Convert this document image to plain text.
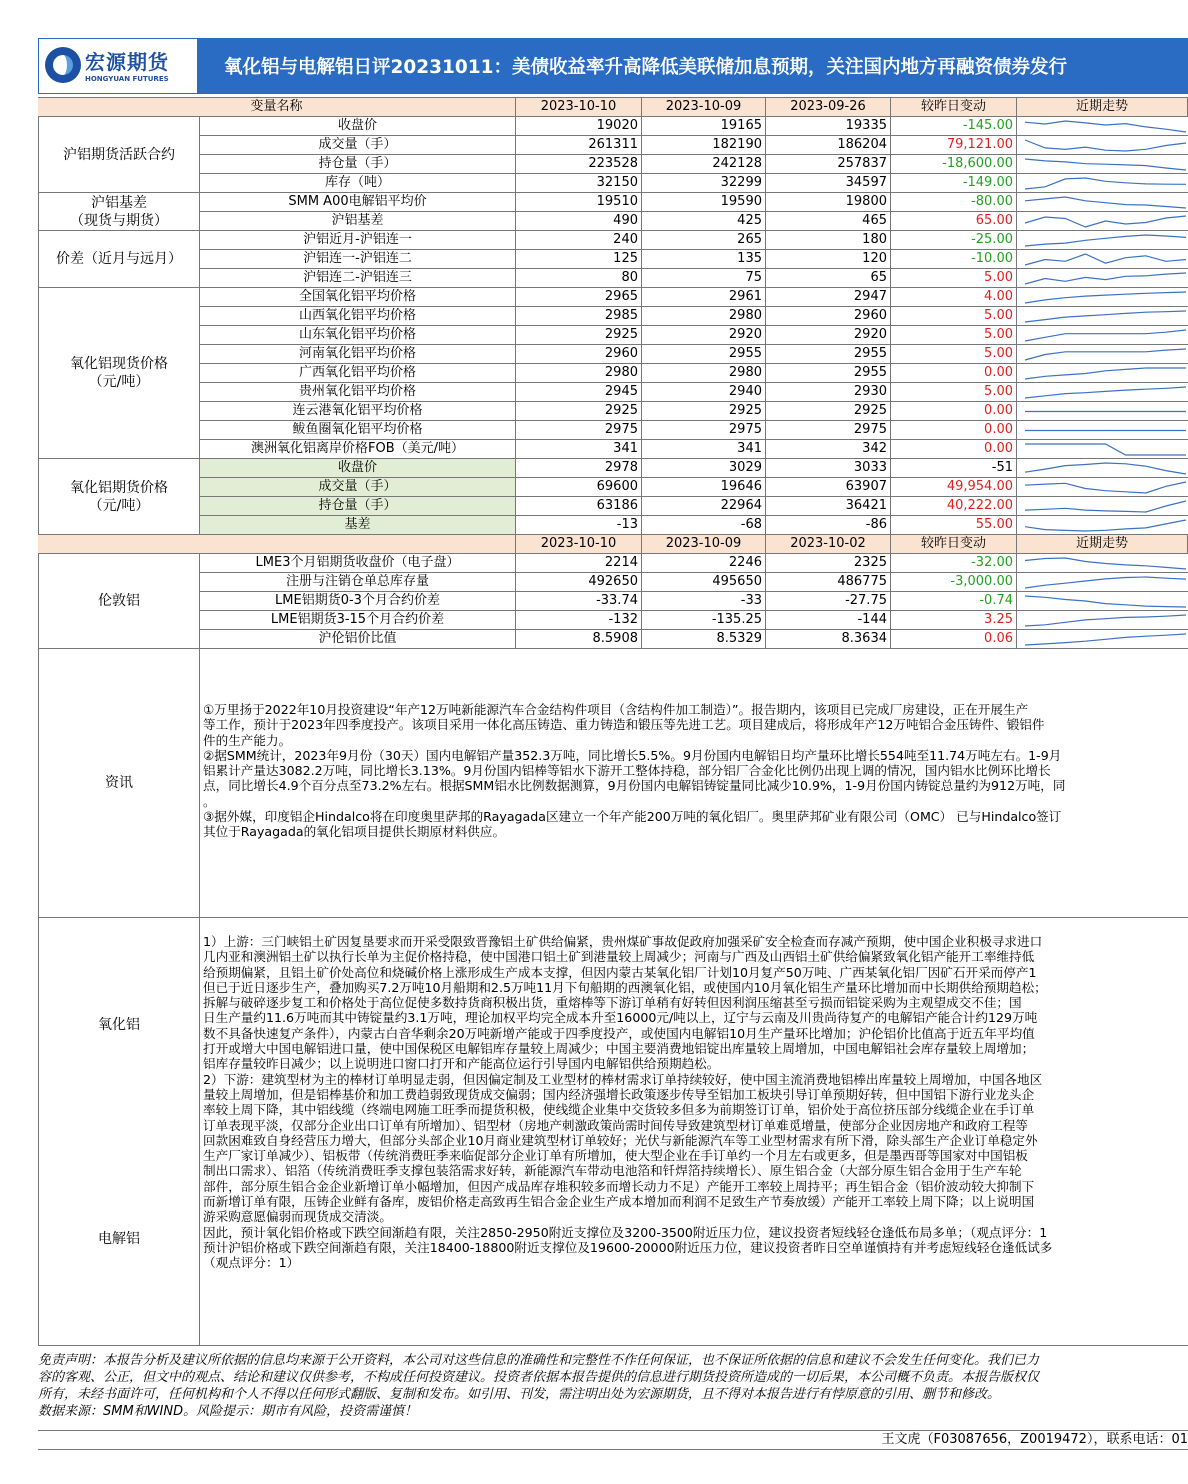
宏源期货
HONGYUAN FUTURES
氧化铝与电解铝日评20231011：美债收益率升高降低美联储加息预期，关注国内地方再融资债券发行
变量名称	2023-10-10	2023-10-09	2023-09-26	较昨日变动	近期走势
沪铝期货活跃合约
收盘价	19020	19165	19335	-145.00
成交量（手）	261311	182190	186204	79,121.00
持仓量（手）	223528	242128	257837	-18,600.00
库存（吨）	32150	32299	34597	-149.00
沪铝基差
（现货与期货）
SMM A00电解铝平均价	19510	19590	19800	-80.00
沪铝基差	490	425	465	65.00
价差（近月与远月）
沪铝近月-沪铝连一	240	265	180	-25.00
沪铝连一-沪铝连二	125	135	120	-10.00
沪铝连二-沪铝连三	80	75	65	5.00
氧化铝现货价格
（元/吨）
全国氧化铝平均价格	2965	2961	2947	4.00
山西氧化铝平均价格	2985	2980	2960	5.00
山东氧化铝平均价格	2925	2920	2920	5.00
河南氧化铝平均价格	2960	2955	2955	5.00
广西氧化铝平均价格	2980	2980	2955	0.00
贵州氧化铝平均价格	2945	2940	2930	5.00
连云港氧化铝平均价格	2925	2925	2925	0.00
鲅鱼圈氧化铝平均价格	2975	2975	2975	0.00
澳洲氧化铝离岸价格FOB（美元/吨）	341	341	342	0.00
氧化铝期货价格
（元/吨）
收盘价	2978	3029	3033	-51
成交量（手）	69600	19646	63907	49,954.00
持仓量（手）	63186	22964	36421	40,222.00
基差	-13	-68	-86	55.00
2023-10-10	2023-10-09	2023-10-02	较昨日变动	近期走势
伦敦铝
LME3个月铝期货收盘价（电子盘）	2214	2246	2325	-32.00
注册与注销仓单总库存量	492650	495650	486775	-3,000.00
LME铝期货0-3个月合约价差	-33.74	-33	-27.75	-0.74
LME铝期货3-15个月合约价差	-132	-135.25	-144	3.25
沪伦铝价比值	8.5908	8.5329	8.3634	0.06

①万里扬于2022年10月投资建设“年产12万吨新能源汽车合金结构件项目（含结构件加工制造）”。报告期内，该项目已完成厂房建设，正在开展生产

等工作，预计于2023年四季度投产。该项目采用一体化高压铸造、重力铸造和锻压等先进工艺。项目建成后，将形成年产12万吨铝合金压铸件、锻铝件

件的生产能力。

②据SMM统计，2023年9月份（30天）国内电解铝产量352.3万吨，同比增长5.5%。9月份国内电解铝日均产量环比增长554吨至11.74万吨左右。1-9月

铝累计产量达3082.2万吨，同比增长3.13%。9月份国内铝棒等铝水下游开工整体持稳，部分铝厂合金化比例仍出现上调的情况，国内铝水比例环比增长

点，同比增长4.9个百分点至73.2%左右。根据SMM铝水比例数据测算，9月份国内电解铝铸锭量同比减少10.9%，1-9月份国内铸锭总量约为912万吨，同

。

③据外媒，印度铝企Hindalco将在印度奥里萨邦的Rayagada区建立一个年产能200万吨的氧化铝厂。奥里萨邦矿业有限公司（OMC） 已与Hindalco签订

其位于Rayagada的氧化铝项目提供长期原材料供应。

资讯

1）上游：三门峡铝土矿因复垦要求而开采受限致晋豫铝土矿供给偏紧，贵州煤矿事故促政府加强采矿安全检查而存减产预期，使中国企业积极寻求进口

几内亚和澳洲铝土矿以执行长单为主促价格持稳，使中国港口铝土矿到港量较上周减少；河南与广西及山西铝土矿供给偏紧致氧化铝产能开工率维持低

给预期偏紧，且铝土矿价处高位和烧碱价格上涨形成生产成本支撑，但因内蒙古某氧化铝厂计划10月复产50万吨、广西某氧化铝厂因矿石开采而停产1

但已于近日逐步生产，叠加购买7.2万吨10月船期和2.5万吨11月下旬船期的西澳氧化铝，或使国内10月氧化铝生产量环比增加而中长期供给预期趋松；

拆解与破碎逐步复工和价格处于高位促使多数持货商积极出货，重熔棒等下游订单稍有好转但因利润压缩甚至亏损而铝锭采购为主观望成交不佳；国

日生产量约11.6万吨而其中铸锭量约3.1万吨，理论加权平均完全成本升至16000元/吨以上，辽宁与云南及川贵尚待复产的电解铝产能合计约129万吨

数不具备快速复产条件），内蒙古白音华剩余20万吨新增产能或于四季度投产，或使国内电解铝10月生产量环比增加；沪伦铝价比值高于近五年平均值

打开或增大中国电解铝进口量，使中国保税区电解铝库存量较上周减少；中国主要消费地铝锭出库量较上周增加，中国电解铝社会库存量较上周增加；

铝库存量较昨日减少；以上说明进口窗口打开和产能高位运行引导国内电解铝供给预期趋松。

2）下游：建筑型材为主的棒材订单明显走弱，但因偏定制及工业型材的棒材需求订单持续较好，使中国主流消费地铝棒出库量较上周增加，中国各地区

量较上周增加，但是铝棒基价和加工费趋弱致现货成交偏弱；国内经济强增长政策逐步传导至铝加工板块引导订单预期好转，但中国铝下游行业龙头企

率较上周下降，其中铝线缆（终端电网施工旺季而提货积极，使线缆企业集中交货较多但多为前期签订订单，铝价处于高位挤压部分线缆企业在手订单

订单表现平淡，仅部分企业出口订单有所增加）、铝型材（房地产刺激政策尚需时间传导致建筑型材订单难觅增量，使部分企业因房地产和政府工程等

回款困难致自身经营压力增大，但部分头部企业10月商业建筑型材订单较好；光伏与新能源汽车等工业型材需求有所下滑，除头部生产企业订单稳定外

生产厂家订单减少）、铝板带（传统消费旺季来临促部分企业订单有所增加，使大型企业在手订单约一个月左右或更多，但是墨西哥等国家对中国铝板

制出口需求）、铝箔（传统消费旺季支撑包装箔需求好转，新能源汽车带动电池箔和钎焊箔持续增长）、原生铝合金（大部分原生铝合金用于生产车轮

部件，部分原生铝合金企业新增订单小幅增加，但因产成品库存堆积较多而增长动力不足）产能开工率较上周持平；再生铝合金（铝价波动较大抑制下

而新增订单有限，压铸企业鲜有备库，废铝价格走高致再生铝合金企业生产成本增加而利润不足致生产节奏放缓）产能开工率较上周下降；以上说明国

游采购意愿偏弱而现货成交清淡。

因此，预计氧化铝价格或下跌空间渐趋有限，关注2850-2950附近支撑位及3200-3500附近压力位，建议投资者短线轻仓逢低布局多单；（观点评分：1

预计沪铝价格或下跌空间渐趋有限，关注18400-18800附近支撑位及19600-20000附近压力位，建议投资者昨日空单谨慎持有并考虑短线轻仓逢低试多

（观点评分：1）

氧化铝
电解铝

免责声明：本报告分析及建议所依据的信息均来源于公开资料，本公司对这些信息的准确性和完整性不作任何保证，也不保证所依据的信息和建议不会发生任何变化。我们已力

容的客观、公正，但文中的观点、结论和建议仅供参考，不构成任何投资建议。投资者依据本报告提供的信息进行期货投资所造成的一切后果，本公司概不负责。本报告版权仅

所有，未经书面许可，任何机构和个人不得以任何形式翻版、复制和发布。如引用、刊发，需注明出处为宏源期货，且不得对本报告进行有悖原意的引用、删节和修改。

数据来源：SMM和WIND。风险提示：期市有风险，投资需谨慎！

王文虎（F03087656，Z0019472），联系电话：01
